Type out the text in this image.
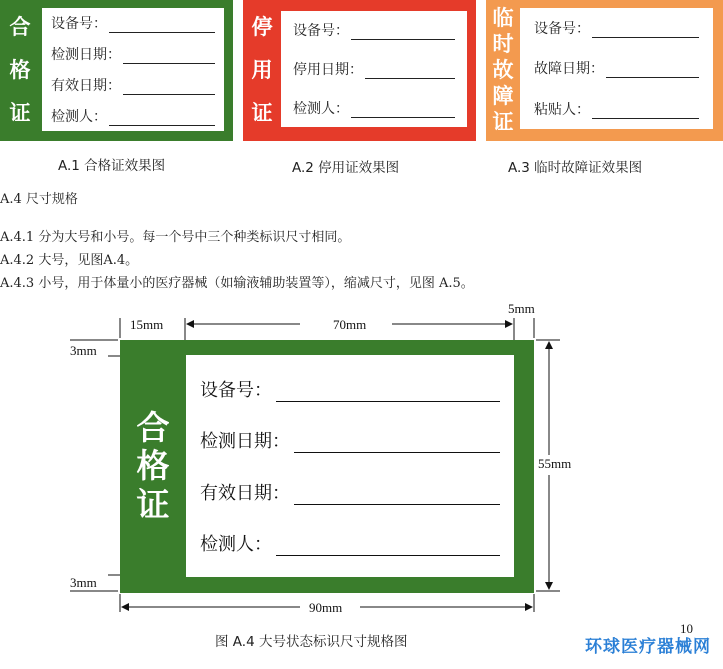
合
格
证
设备号：
检测日期：
有效日期：
检测人：
停
用
证
设备号：
停用日期：
检测人：
临
时
故
障
证
设备号：
故障日期：
粘贴人：
A.1 合格证效果图	A.2 停用证效果图	A.3 临时故障证效果图
A.4 尺寸规格
A.4.1 分为大号和小号。每一个号中三个种类标识尺寸相同。
A.4.2 大号，见图A.4。
A.4.3 小号，用于体量小的医疗器械（如输液辅助装置等），缩减尺寸，见图 A.5。
15mm	70mm
5mm
3mm
3mm
55mm
90mm
合
格
证
设备号：
检测日期：
有效日期：
检测人：
图 A.4 大号状态标识尺寸规格图
10
环球医疗器械网
